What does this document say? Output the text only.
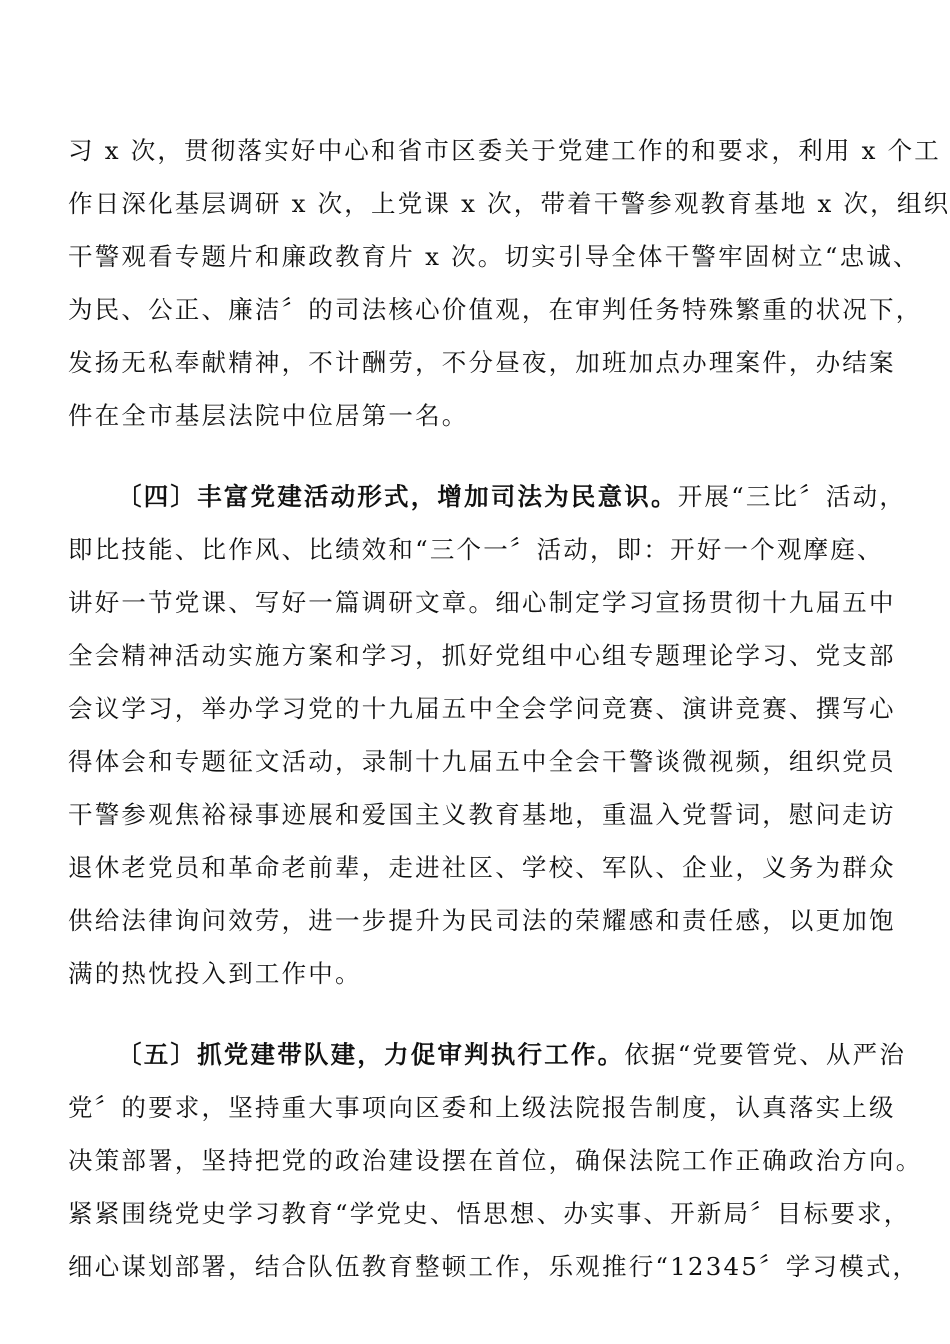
习 x 次，贯彻落实好中心和省市区委关于党建工作的和要求，利用 x 个工
作日深化基层调研 x 次，上党课 x 次，带着干警参观教育基地 x 次，组织
干警观看专题片和廉政教育片 x 次。切实引导全体干警牢固树立“忠诚、
为民、公正、廉洁〞的司法核心价值观，在审判任务特殊繁重的状况下，
发扬无私奉献精神，不计酬劳，不分昼夜，加班加点办理案件，办结案
件在全市基层法院中位居第一名。
〔四〕丰富党建活动形式，增加司法为民意识。开展“三比〞活动，
即比技能、比作风、比绩效和“三个一〞活动，即：开好一个观摩庭、
讲好一节党课、写好一篇调研文章。细心制定学习宣扬贯彻十九届五中
全会精神活动实施方案和学习，抓好党组中心组专题理论学习、党支部
会议学习，举办学习党的十九届五中全会学问竞赛、演讲竞赛、撰写心
得体会和专题征文活动，录制十九届五中全会干警谈微视频，组织党员
干警参观焦裕禄事迹展和爱国主义教育基地，重温入党誓词，慰问走访
退休老党员和革命老前辈，走进社区、学校、军队、企业，义务为群众
供给法律询问效劳，进一步提升为民司法的荣耀感和责任感，以更加饱
满的热忱投入到工作中。
〔五〕抓党建带队建，力促审判执行工作。依据“党要管党、从严治
党〞的要求，坚持重大事项向区委和上级法院报告制度，认真落实上级
决策部署，坚持把党的政治建设摆在首位，确保法院工作正确政治方向。
紧紧围绕党史学习教育“学党史、悟思想、办实事、开新局〞目标要求，
细心谋划部署，结合队伍教育整顿工作，乐观推行“12345〞学习模式，
